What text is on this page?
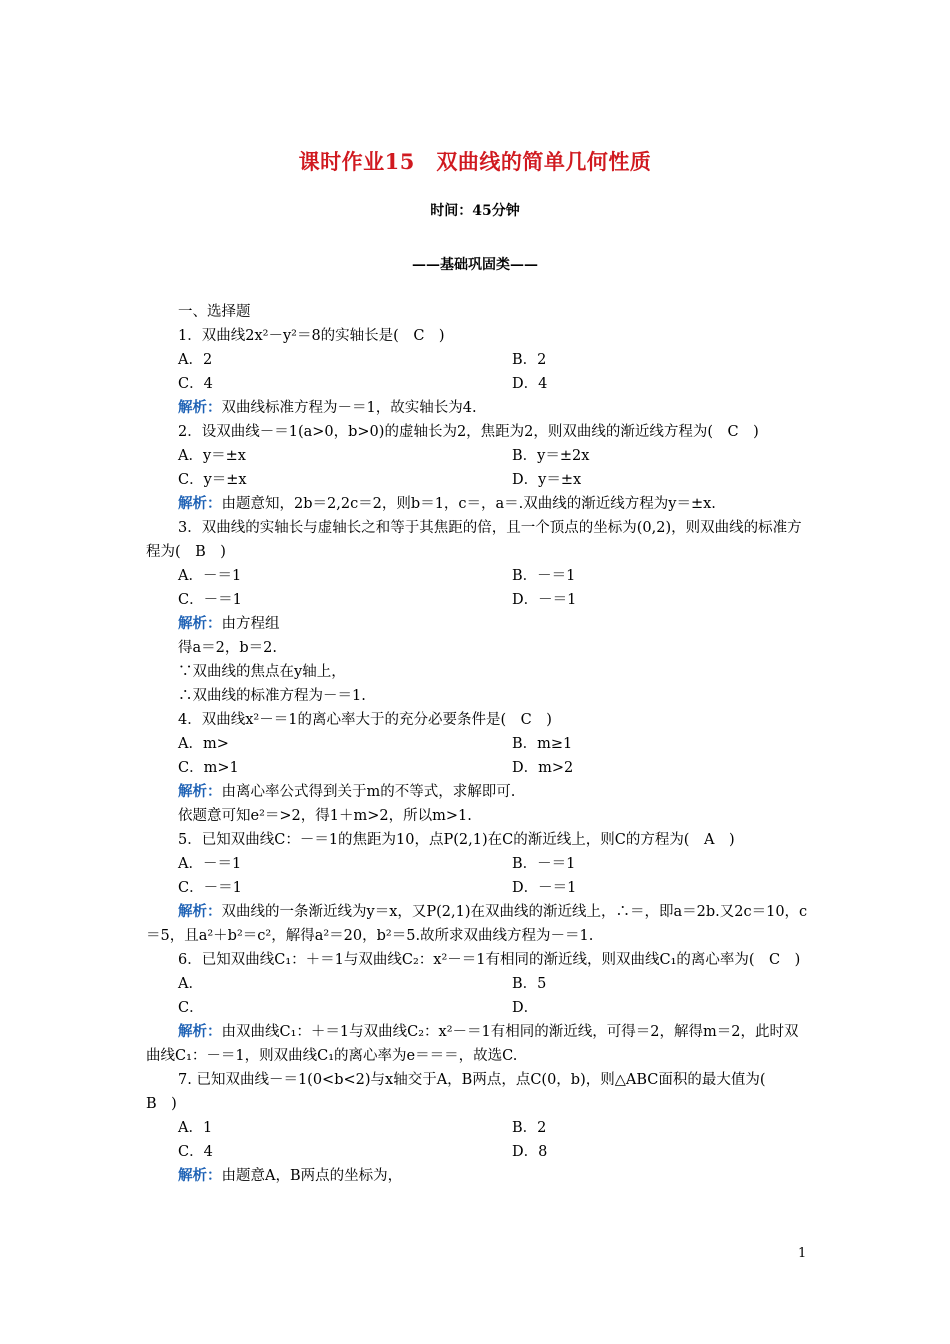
课时作业15　双曲线的简单几何性质
时间：45分钟
——基础巩固类——

一、选择题

1．双曲线2x²－y²＝8的实轴长是(　C　)

A．2	B．2
C．4	D．4

解析：双曲线标准方程为－＝1，故实轴长为4.

2．设双曲线－＝1(a>0，b>0)的虚轴长为2，焦距为2，则双曲线的渐近线方程为(　C　)

A．y＝±x	B．y＝±2x
C．y＝±x	D．y＝±x

解析：由题意知，2b＝2,2c＝2，则b＝1，c＝，a＝.双曲线的渐近线方程为y＝±x.

3．双曲线的实轴长与虚轴长之和等于其焦距的倍，且一个顶点的坐标为(0,2)，则双曲线的标准方程为(　B　)

A．－＝1	B．－＝1
C．－＝1	D．－＝1

解析：由方程组

得a＝2，b＝2.

∵双曲线的焦点在y轴上，

∴双曲线的标准方程为－＝1.

4．双曲线x²－＝1的离心率大于的充分必要条件是(　C　)

A．m>	B．m≥1
C．m>1	D．m>2

解析：由离心率公式得到关于m的不等式，求解即可.

依题意可知e²＝>2，得1＋m>2，所以m>1.

5．已知双曲线C：－＝1的焦距为10，点P(2,1)在C的渐近线上，则C的方程为(　A　)

A．－＝1	B．－＝1
C．－＝1	D．－＝1

解析：双曲线的一条渐近线为y＝x，又P(2,1)在双曲线的渐近线上，∴＝，即a＝2b.又2c＝10，c＝5，且a²＋b²＝c²，解得a²＝20，b²＝5.故所求双曲线方程为－＝1.

6．已知双曲线C₁：＋＝1与双曲线C₂：x²－＝1有相同的渐近线，则双曲线C₁的离心率为(　C　)

A．	B．5
C．	D．

解析：由双曲线C₁：＋＝1与双曲线C₂：x²－＝1有相同的渐近线，可得＝2，解得m＝2，此时双曲线C₁：－＝1，则双曲线C₁的离心率为e＝＝＝，故选C.

7. 已知双曲线－＝1(0<b<2)与x轴交于A，B两点，点C(0，b)，则△ABC面积的最大值为(　B　)

A．1	B．2
C．4	D．8

解析：由题意A，B两点的坐标为，

1
